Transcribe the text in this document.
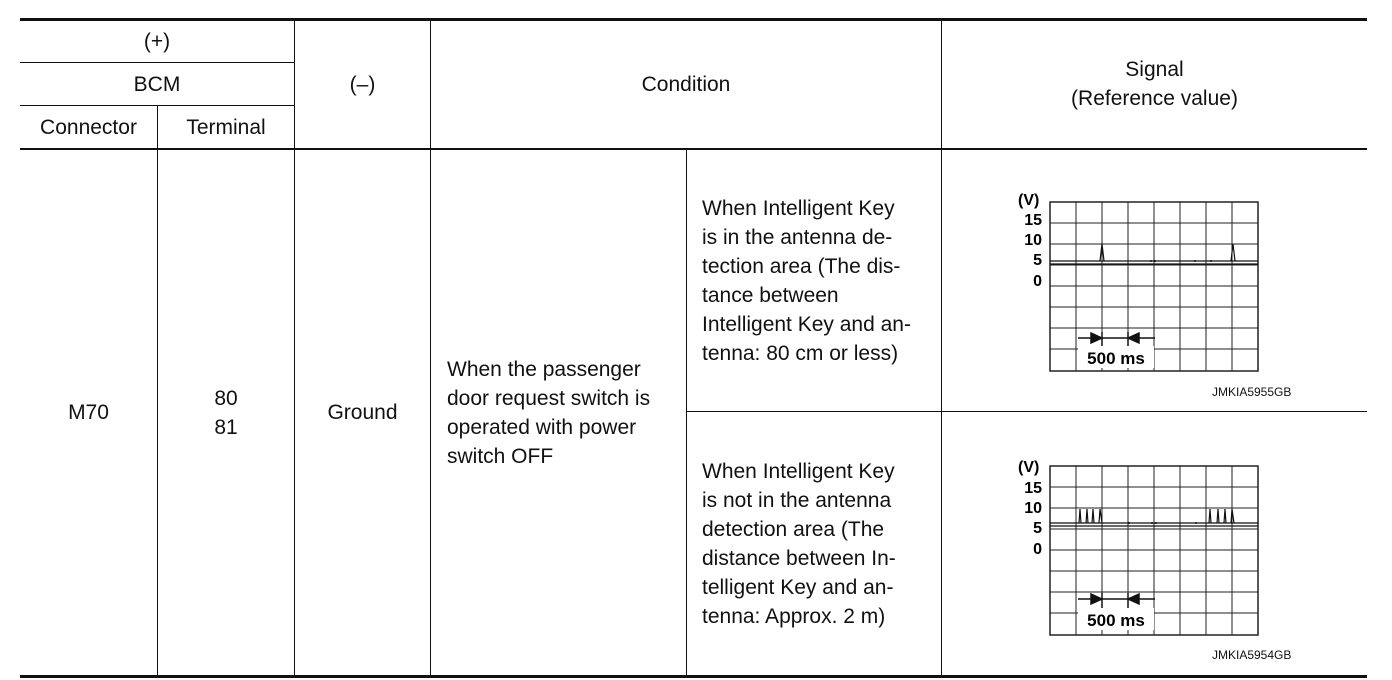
(+)
BCM
Connector Terminal
(–)	Condition
Signal
(Reference value)
M70
80
81
Ground
When the passenger
door request switch is
operated with power
switch OFF
When Intelligent Key
is in the antenna de-
tection area (The dis-
tance between
Intelligent Key and an-
tenna: 80 cm or less)
When Intelligent Key
is not in the antenna
detection area (The
distance between In-
telligent Key and an-
tenna: Approx. 2 m)
(V)
15
10
5
0
500 ms
JMKIA5955GB
(V)
15
10
5
0
500 ms
JMKIA5954GB
